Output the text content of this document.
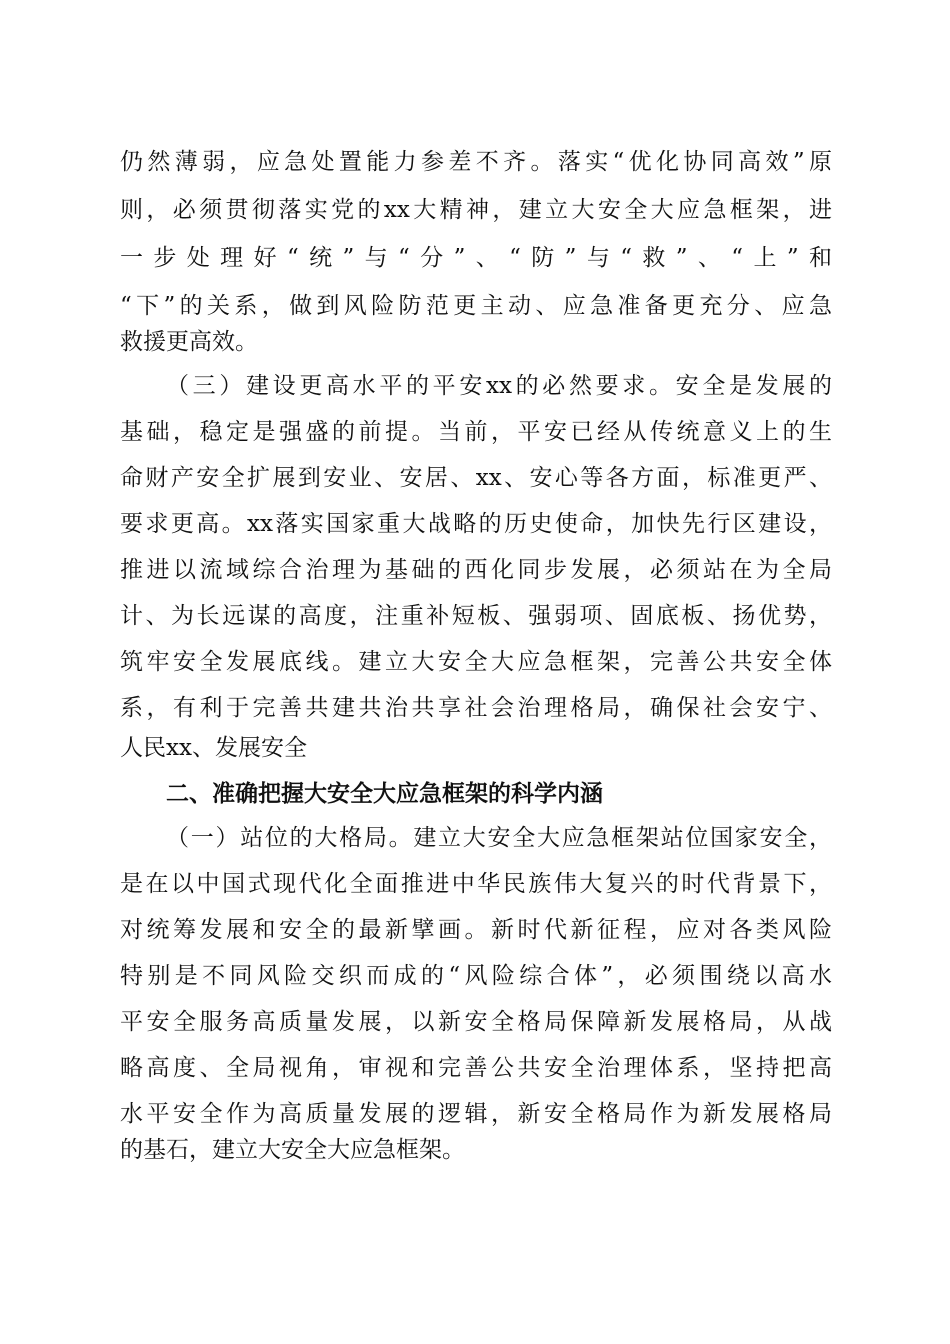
仍然薄弱，应急处置能力参差不齐。落实“优化协同高效”原
则，必须贯彻落实党的xx大精神，建立大安全大应急框架，进
一步处理好“统”与“分”、“防”与“救”、“上”和
“下”的关系，做到风险防范更主动、应急准备更充分、应急
救援更高效。
（三）建设更高水平的平安xx的必然要求。安全是发展的
基础，稳定是强盛的前提。当前，平安已经从传统意义上的生
命财产安全扩展到安业、安居、xx、安心等各方面，标准更严、
要求更高。xx落实国家重大战略的历史使命，加快先行区建设，
推进以流域综合治理为基础的西化同步发展，必须站在为全局
计、为长远谋的高度，注重补短板、强弱项、固底板、扬优势，
筑牢安全发展底线。建立大安全大应急框架，完善公共安全体
系，有利于完善共建共治共享社会治理格局，确保社会安宁、
人民xx、发展安全
二、准确把握大安全大应急框架的科学内涵
（一）站位的大格局。建立大安全大应急框架站位国家安全，
是在以中国式现代化全面推进中华民族伟大复兴的时代背景下，
对统筹发展和安全的最新擘画。新时代新征程，应对各类风险
特别是不同风险交织而成的“风险综合体”，必须围绕以高水
平安全服务高质量发展，以新安全格局保障新发展格局，从战
略高度、全局视角，审视和完善公共安全治理体系，坚持把高
水平安全作为高质量发展的逻辑，新安全格局作为新发展格局
的基石，建立大安全大应急框架。
